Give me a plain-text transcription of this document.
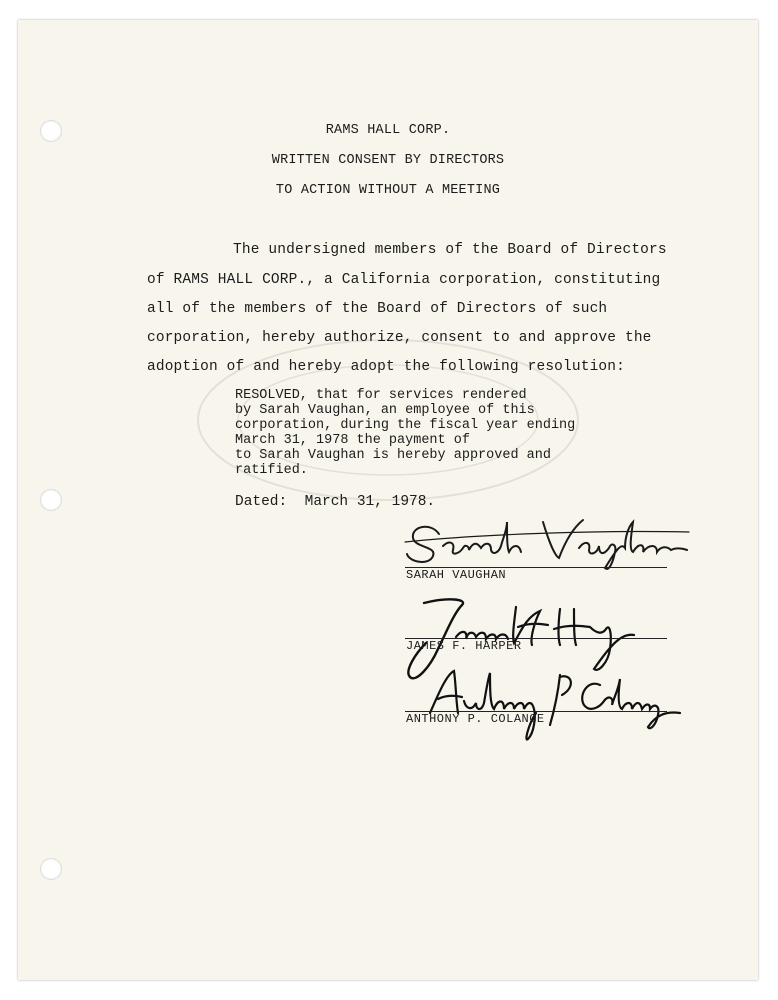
RAMS HALL CORP.
WRITTEN CONSENT BY DIRECTORS
TO ACTION WITHOUT A MEETING
The undersigned members of the Board of Directors
of RAMS HALL CORP., a California corporation, constituting
all of the members of the Board of Directors of such
corporation, hereby authorize, consent to and approve the
adoption of and hereby adopt the following resolution:
RESOLVED, that for services rendered
by Sarah Vaughan, an employee of this
corporation, during the fiscal year ending
March 31, 1978 the payment of
to Sarah Vaughan is hereby approved and
ratified.
Dated:  March 31, 1978.
SARAH VAUGHAN
JAMES F. HARPER
ANTHONY P. COLANGE
